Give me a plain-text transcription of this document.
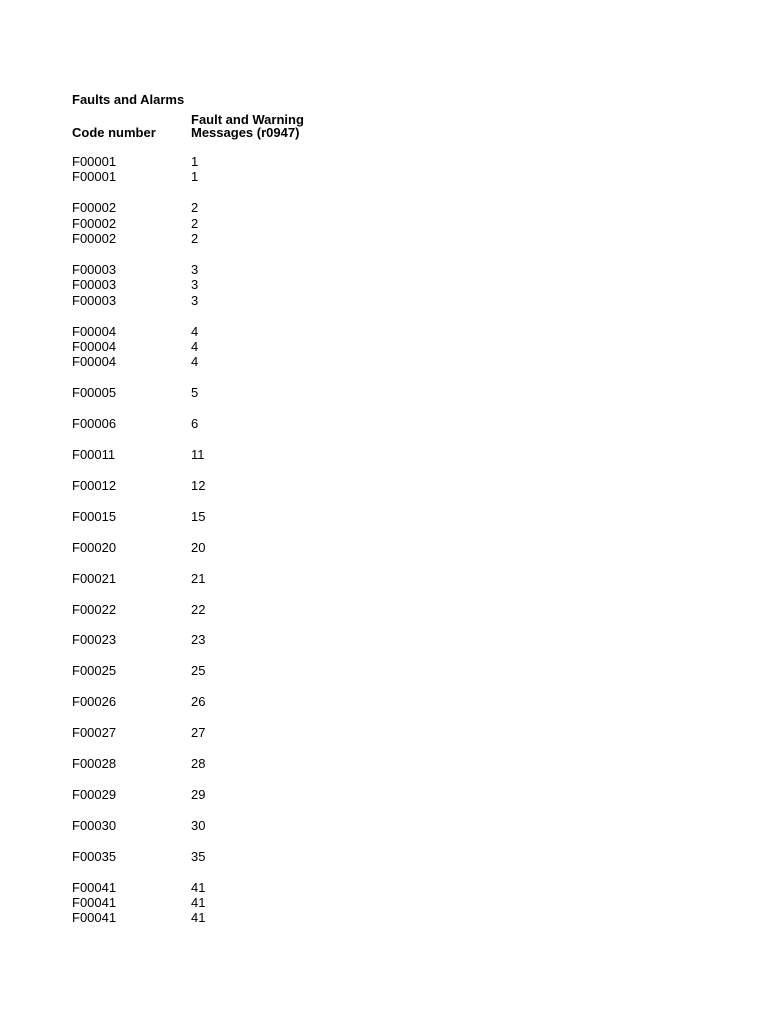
Faults and Alarms
Code number
Fault and Warning
Messages (r0947)
F00001	1
F00001	1
F00002	2
F00002	2
F00002	2
F00003	3
F00003	3
F00003	3
F00004	4
F00004	4
F00004	4
F00005	5
F00006	6
F00011	11
F00012	12
F00015	15
F00020	20
F00021	21
F00022	22
F00023	23
F00025	25
F00026	26
F00027	27
F00028	28
F00029	29
F00030	30
F00035	35
F00041	41
F00041	41
F00041	41
